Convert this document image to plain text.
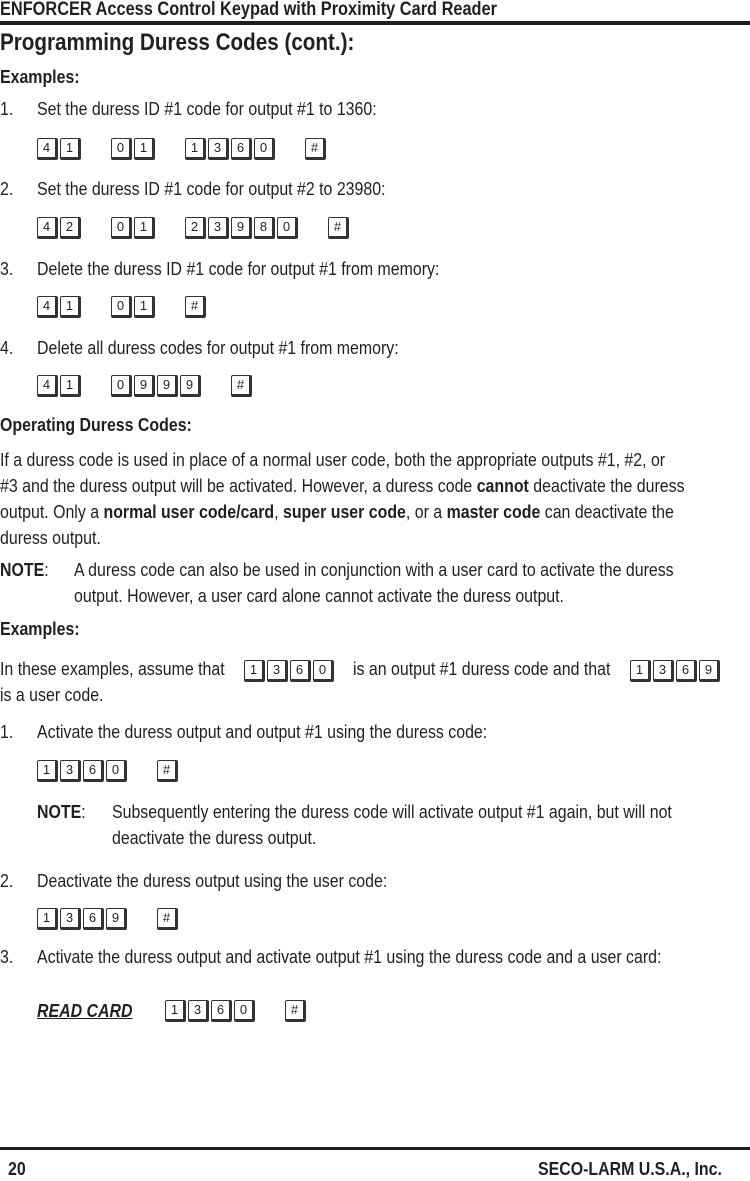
ENFORCER Access Control Keypad with Proximity Card Reader
Programming Duress Codes (cont.):
Examples:
1. Set the duress ID #1 code for output #1 to 1360:
4	1	0	1	1	3	6	0	#
2. Set the duress ID #1 code for output #2 to 23980:
4	2	0	1	2	3	9	8	0	#
3. Delete the duress ID #1 code for output #1 from memory:
4	1	0	1	#
4. Delete all duress codes for output #1 from memory:
4	1	0	9	9	9	#
Operating Duress Codes:
If a duress code is used in place of a normal user code, both the appropriate outputs #1, #2, or
#3 and the duress output will be activated. However, a duress code cannot deactivate the duress
output. Only a normal user code/card, super user code, or a master code can deactivate the
duress output.
NOTE:	A duress code can also be used in conjunction with a user card to activate the duress
output. However, a user card alone cannot activate the duress output.
Examples:
In these examples, assume that	1	3	6	0	is an output #1 duress code and that	1	3	6	9
is a user code.
1. Activate the duress output and output #1 using the duress code:
1	3	6	0	#
NOTE:	Subsequently entering the duress code will activate output #1 again, but will not
deactivate the duress output.
2. Deactivate the duress output using the user code:
1	3	6	9	#
3. Activate the duress output and activate output #1 using the duress code and a user card:
READ CARD	1	3	6	0	#
20	SECO-LARM U.S.A., Inc.
